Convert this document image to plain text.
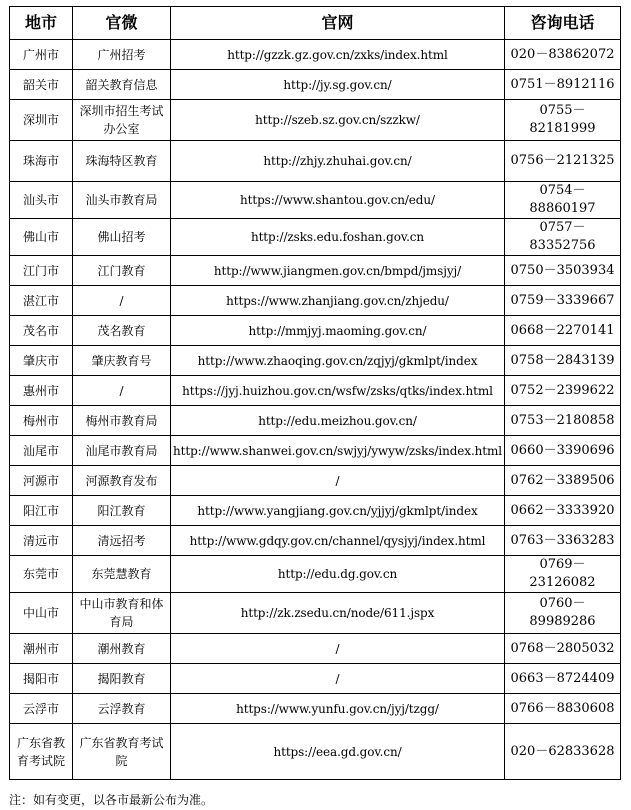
地市	官微	官网	咨询电话
广州市	广州招考	http://gzzk.gz.gov.cn/zxks/index.html	020－83862072
韶关市	韶关教育信息	http://jy.sg.gov.cn/	0751－8912116
深圳市	深圳市招生考试办公室	http://szeb.sz.gov.cn/szzkw/	0755－82181999
珠海市	珠海特区教育	http://zhjy.zhuhai.gov.cn/	0756－2121325
汕头市	汕头市教育局	https://www.shantou.gov.cn/edu/	0754－88860197
佛山市	佛山招考	http://zsks.edu.foshan.gov.cn	0757－83352756
江门市	江门教育	http://www.jiangmen.gov.cn/bmpd/jmsjyj/	0750－3503934
湛江市	/	https://www.zhanjiang.gov.cn/zhjedu/	0759－3339667
茂名市	茂名教育	http://mmjyj.maoming.gov.cn/	0668－2270141
肇庆市	肇庆教育号	http://www.zhaoqing.gov.cn/zqjyj/gkmlpt/index	0758－2843139
惠州市	/	https://jyj.huizhou.gov.cn/wsfw/zsks/qtks/index.html	0752－2399622
梅州市	梅州市教育局	http://edu.meizhou.gov.cn/	0753－2180858
汕尾市	汕尾市教育局	http://www.shanwei.gov.cn/swjyj/ywyw/zsks/index.html	0660－3390696
河源市	河源教育发布	/	0762－3389506
阳江市	阳江教育	http://www.yangjiang.gov.cn/yjjyj/gkmlpt/index	0662－3333920
清远市	清远招考	http://www.gdqy.gov.cn/channel/qysjyj/index.html	0763－3363283
东莞市	东莞慧教育	http://edu.dg.gov.cn	0769－23126082
中山市	中山市教育和体育局	http://zk.zsedu.cn/node/611.jspx	0760－89989286
潮州市	潮州教育	/	0768－2805032
揭阳市	揭阳教育	/	0663－8724409
云浮市	云浮教育	https://www.yunfu.gov.cn/jyj/tzgg/	0766－8830608
广东省教育考试院	广东省教育考试院	https://eea.gd.gov.cn/	020－62833628
注：如有变更，以各市最新公布为准。
